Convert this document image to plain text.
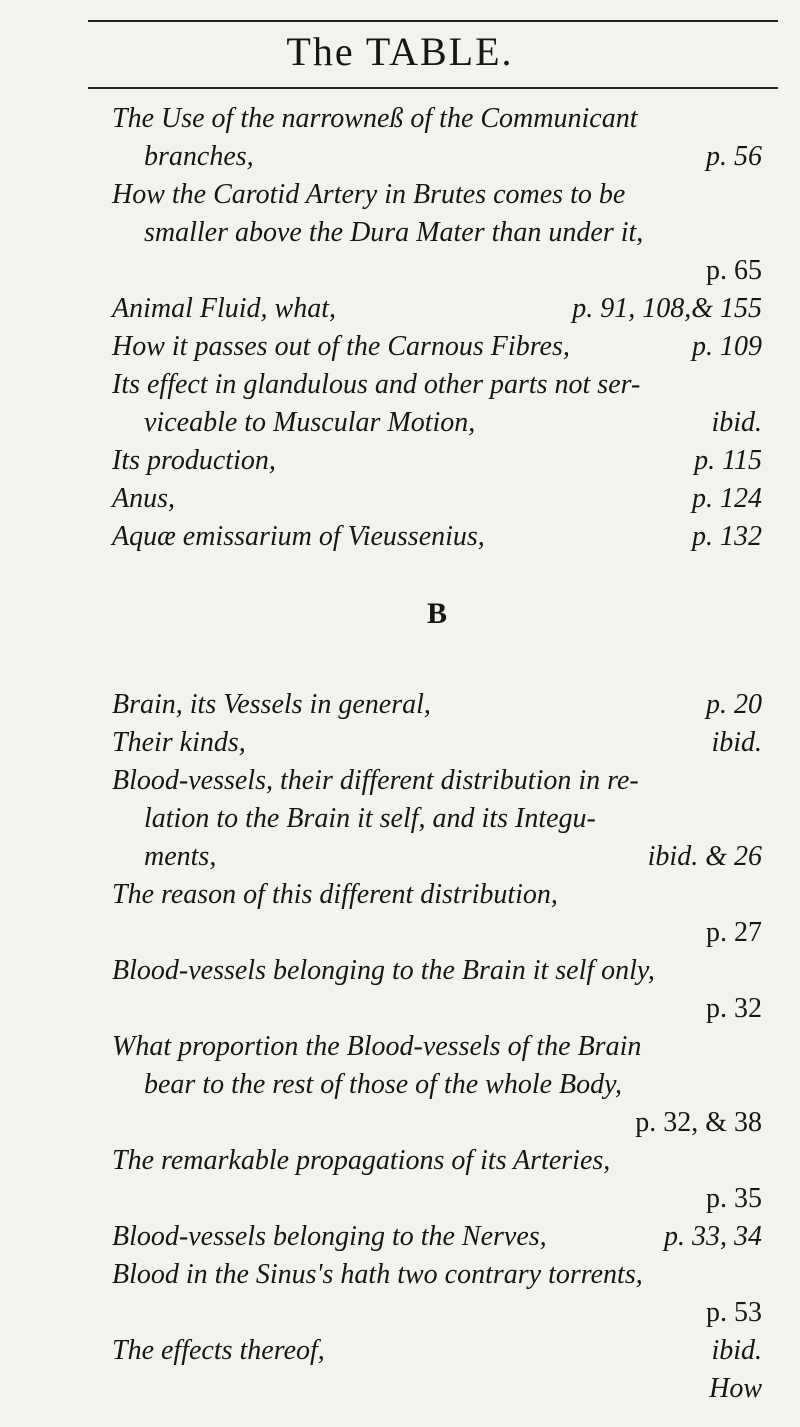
The TABLE.
The Use of the narrowneß of the Communicant
branches,	p. 56
How the Carotid Artery in Brutes comes to be
smaller above the Dura Mater than under it,
p. 65
Animal Fluid, what,	p. 91, 108,& 155
How it passes out of the Carnous Fibres,	p. 109
Its effect in glandulous and other parts not ser-
viceable to Muscular Motion,	ibid.
Its production,	p. 115
Anus,	p. 124
Aquæ emissarium of Vieussenius,	p. 132
B
Brain, its Vessels in general,	p. 20
Their kinds,	ibid.
Blood-vessels, their different distribution in re-
lation to the Brain it self, and its Integu-
ments,	ibid. & 26
The reason of this different distribution,
p. 27
Blood-vessels belonging to the Brain it self only,
p. 32
What proportion the Blood-vessels of the Brain
bear to the rest of those of the whole Body,
p. 32, & 38
The remarkable propagations of its Arteries,
p. 35
Blood-vessels belonging to the Nerves,	p. 33, 34
Blood in the Sinus's hath two contrary torrents,
p. 53
The effects thereof,	ibid.
How
